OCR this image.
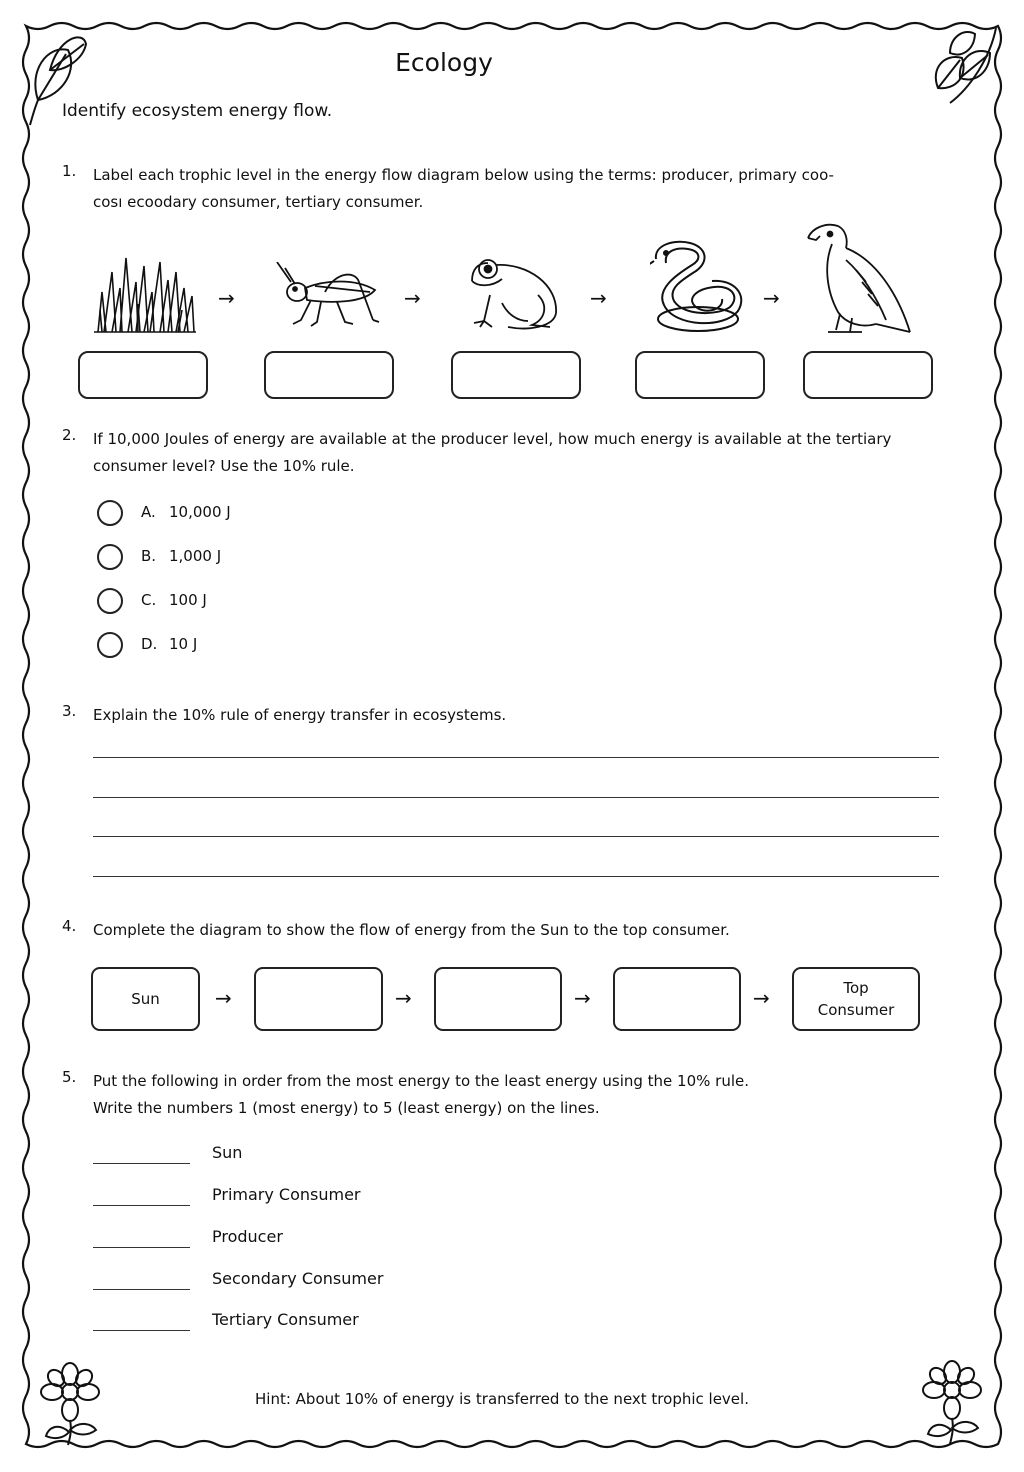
Ecology
Identify ecosystem energy flow.
1. Label each trophic level in the energy flow diagram below using the terms: producer, primary coo-
cosı ecoodary consumer, tertiary consumer.
→	→	→	→
2. If 10,000 Joules of energy are available at the producer level, how much energy is available at the tertiary
consumer level? Use the 10% rule.
A. 10,000 J
B. 1,000 J
C. 100 J
D. 10 J
3. Explain the 10% rule of energy transfer in ecosystems.
4. Complete the diagram to show the flow of energy from the Sun to the top consumer.
Sun	→	→	→	→	Top
Consumer
5. Put the following in order from the most energy to the least energy using the 10% rule.
Write the numbers 1 (most energy) to 5 (least energy) on the lines.
Sun
Primary Consumer
Producer
Secondary Consumer
Tertiary Consumer
Hint: About 10% of energy is transferred to the next trophic level.
